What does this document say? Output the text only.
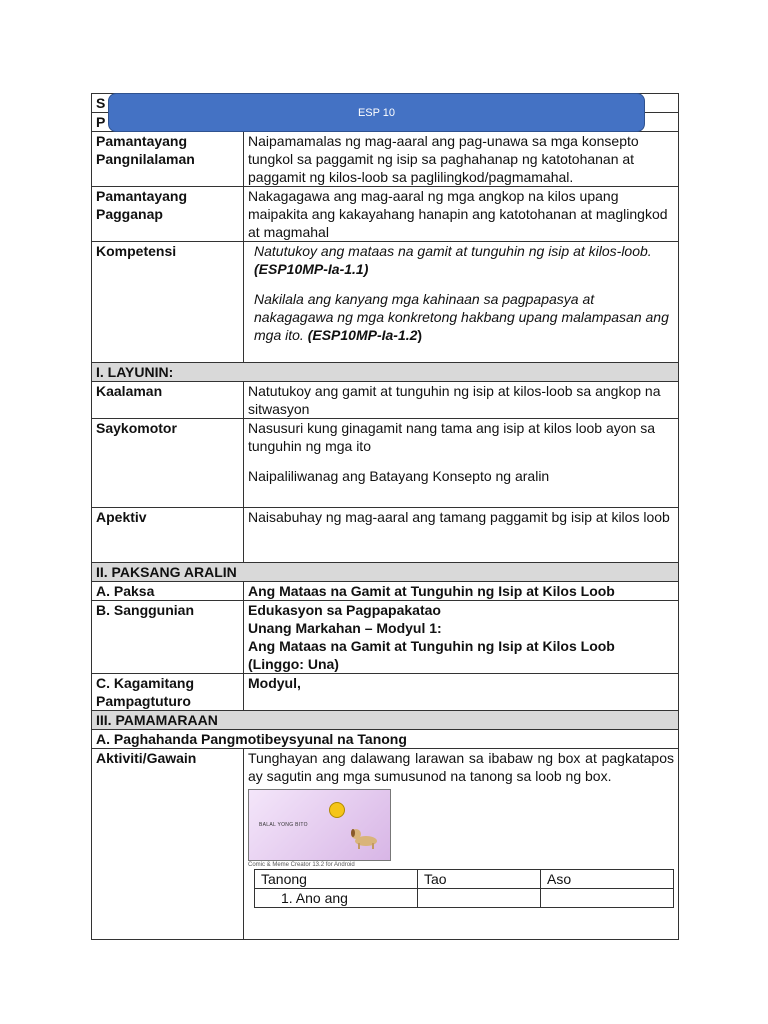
S
P

Pamantayang
Pangnilalaman
	Naipamamalas ng mag-aaral ang pag-unawa sa mga konsepto tungkol sa paggamit ng isip sa paghahanap ng katotohanan at paggamit ng kilos-loob sa paglilingkod/pagmamahal.

Pamantayang
Pagganap
	Nakagagawa ang mag-aaral ng mga angkop na kilos upang maipakita ang kakayahang hanapin ang katotohanan at maglingkod at magmahal
Kompetensi	Natutukoy ang mataas na gamit at tunguhin ng isip at kilos-loob. (ESP10MP-Ia-1.1)
Nakilala ang kanyang mga kahinaan sa pagpapasya at nakagagawa ng mga konkretong hakbang upang malampasan ang mga ito. (ESP10MP-Ia-1.2)

I. LAYUNIN:
Kaalaman	Natutukoy ang gamit at tunguhin ng isip at kilos-loob sa angkop na sitwasyon
Saykomotor	Nasusuri kung ginagamit nang tama ang isip at kilos loob ayon sa tunguhin ng mga ito
Naipaliliwanag ang Batayang Konsepto ng aralin

Apektiv	Naisabuhay ng mag-aaral ang tamang paggamit bg isip at kilos loob
II. PAKSANG ARALIN
A. Paksa	Ang Mataas na Gamit at Tunguhin ng Isip at Kilos Loob
B. Sanggunian	Edukasyon sa Pagpapakatao
Unang Markahan – Modyul 1:
Ang Mataas na Gamit at Tunguhin ng Isip at Kilos Loob
(Linggo: Una)

C. Kagamitang
Pampagtuturo
	Modyul,
III. PAMAMARAAN
A. Paghahanda Pangmotibeysyunal na Tanong
Aktiviti/Gawain	Tunghayan ang dalawang larawan sa ibabaw ng box at pagkatapos ay sagutin ang mga sumusunod na tanong sa loob ng box.
BALAL YONG BITO
Comic & Meme Creator 13.2 for Android
Tanong	Tao	Aso
1. Ano ang		
ESP 10
